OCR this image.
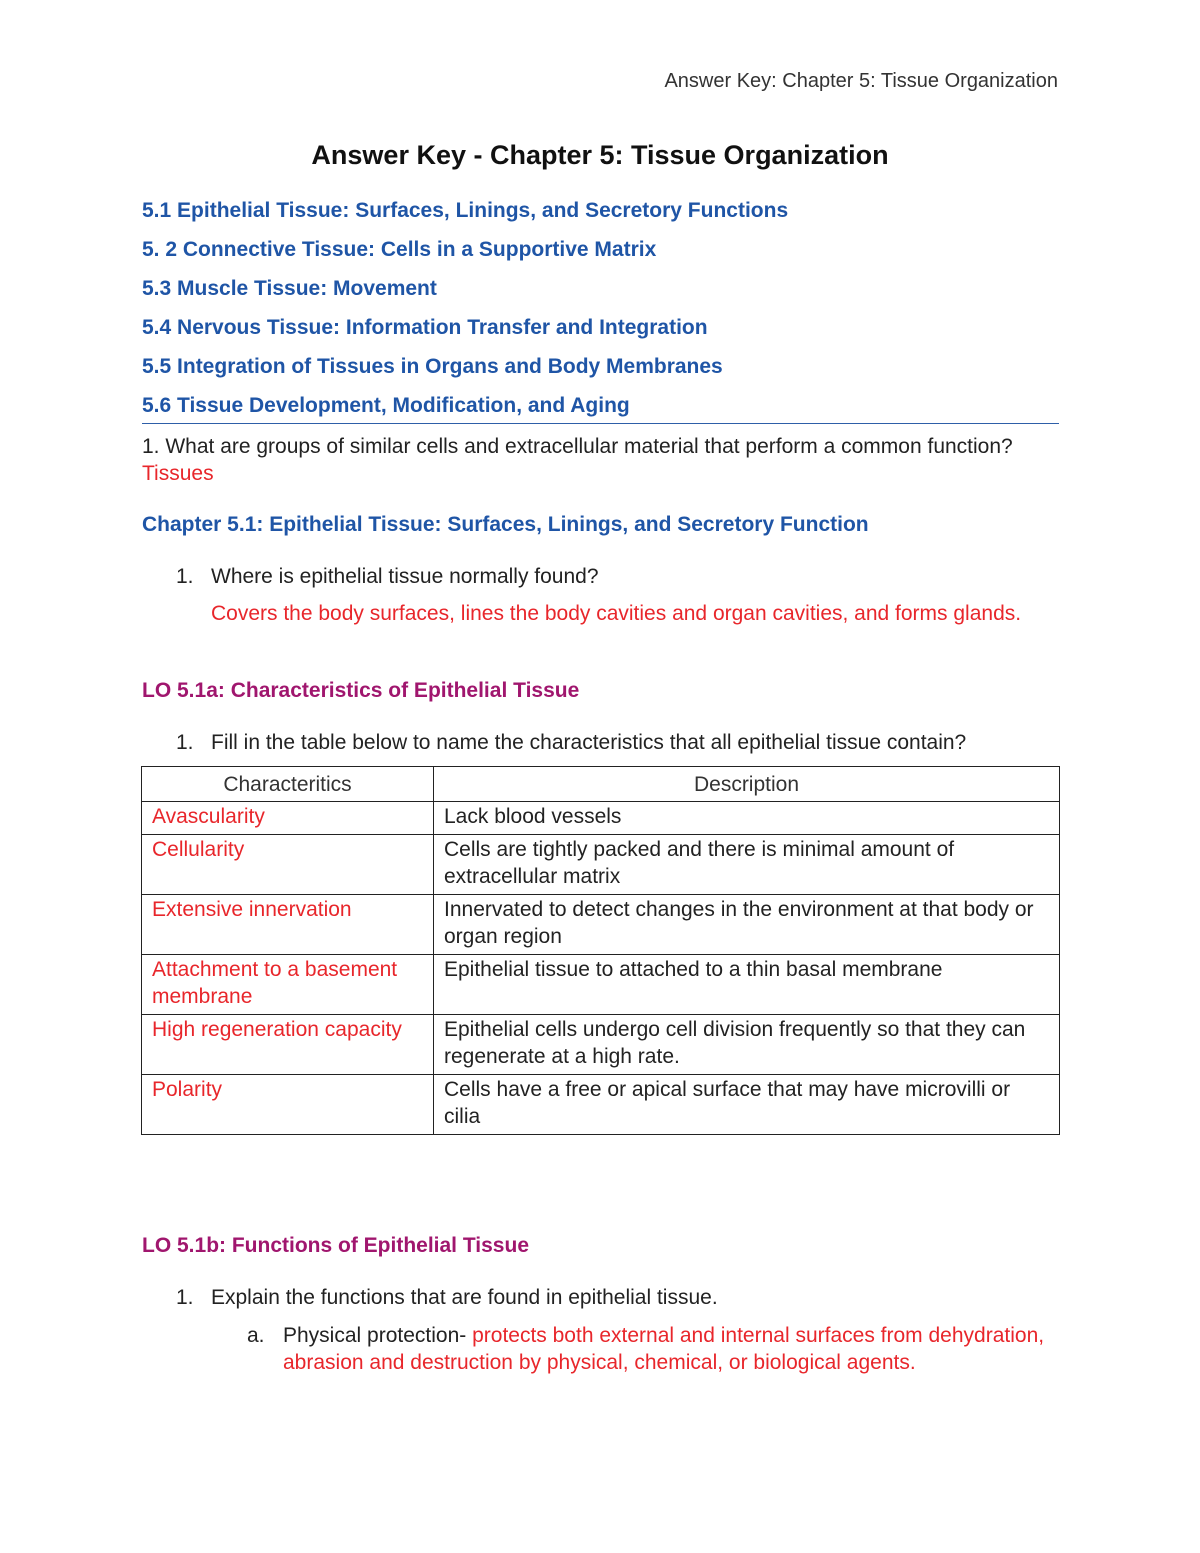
Answer Key: Chapter 5: Tissue Organization
Answer Key - Chapter 5: Tissue Organization
5.1 Epithelial Tissue: Surfaces, Linings, and Secretory Functions
5. 2 Connective Tissue: Cells in a Supportive Matrix
5.3 Muscle Tissue: Movement
5.4 Nervous Tissue: Information Transfer and Integration
5.5 Integration of Tissues in Organs and Body Membranes
5.6 Tissue Development, Modification, and Aging
1. What are groups of similar cells and extracellular material that perform a common function? Tissues
Chapter 5.1: Epithelial Tissue: Surfaces, Linings, and Secretory Function
1. Where is epithelial tissue normally found?
Covers the body surfaces, lines the body cavities and organ cavities, and forms glands.
LO 5.1a: Characteristics of Epithelial Tissue
1. Fill in the table below to name the characteristics that all epithelial tissue contain?
Characteritics	Description
Avascularity	Lack blood vessels
Cellularity	Cells are tightly packed and there is minimal amount of extracellular matrix
Extensive innervation	Innervated to detect changes in the environment at that body or organ region
Attachment to a basement membrane	Epithelial tissue to attached to a thin basal membrane
High regeneration capacity	Epithelial cells undergo cell division frequently so that they can regenerate at a high rate.
Polarity	Cells have a free or apical surface that may have microvilli or cilia
LO 5.1b: Functions of Epithelial Tissue
1. Explain the functions that are found in epithelial tissue.
a. Physical protection- protects both external and internal surfaces from dehydration, abrasion and destruction by physical, chemical, or biological agents.
